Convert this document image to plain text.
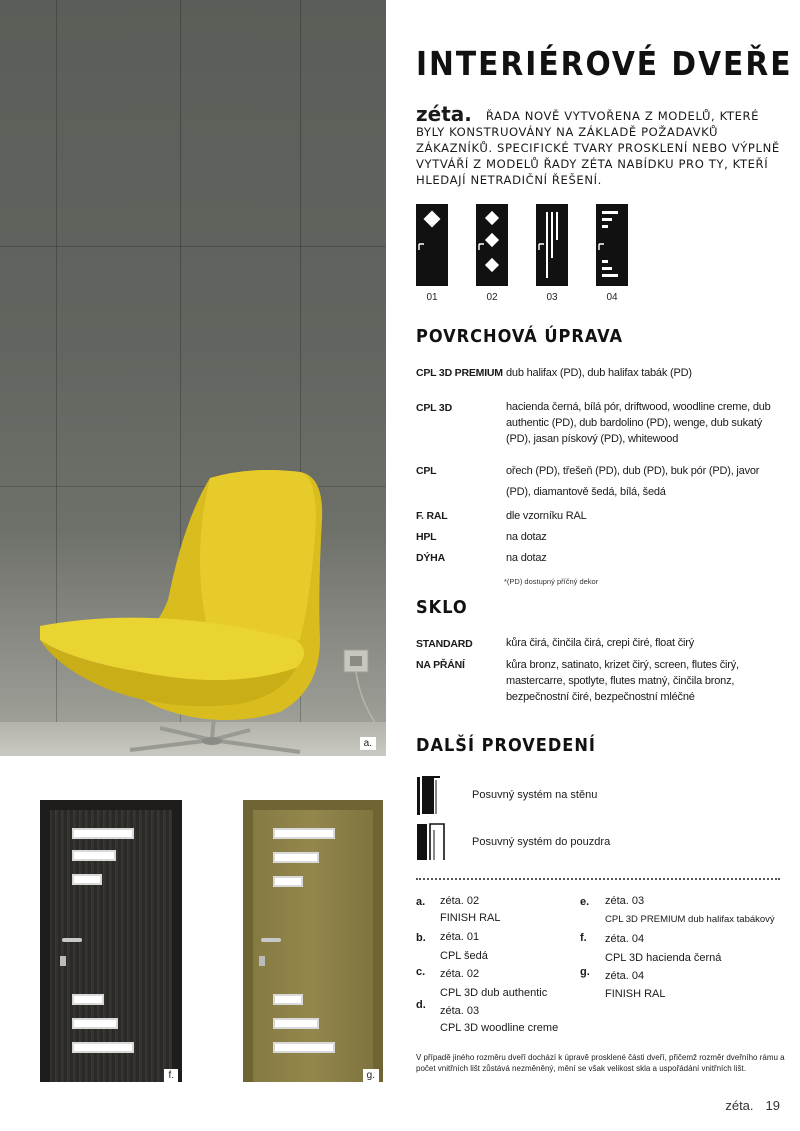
a.
INTERIÉROVÉ DVEŘE
zéta. ŘADA NOVĚ VYTVOŘENA Z MODELŮ, KTERÉ BYLY KONSTRUOVÁNY NA ZÁKLADĚ POŽADAVKŮ ZÁKAZNÍKŮ. SPECIFICKÉ TVARY PROSKLENÍ NEBO VÝPLNĚ VYTVÁŘÍ Z MODELŮ ŘADY ZÉTA NABÍDKU PRO TY, KTEŘÍ HLEDAJÍ NETRADIČNÍ ŘEŠENÍ.
01	02	03	04
POVRCHOVÁ ÚPRAVA
CPL 3D PREMIUM dub halifax (PD), dub halifax tabák (PD)
CPL 3D	hacienda černá, bílá pór, driftwood, woodline creme, dub authentic (PD), dub bardolino (PD), wenge, dub sukatý (PD), jasan pískový (PD), whitewood
CPL	ořech (PD), třešeň (PD), dub (PD), buk pór (PD), javor (PD), diamantově šedá, bílá, šedá
F. RAL	dle vzorníku RAL
HPL	na dotaz
DÝHA	na dotaz
*(PD) dostupný příčný dekor
SKLO
STANDARD	kůra čirá, činčila čirá, crepi čiré, float čirý
NA PŘÁNÍ	kůra bronz, satinato, krizet čirý, screen, flutes čirý, mastercarre, spotlyte, flutes matný, činčila bronz, bezpečnostní čiré, bezpečnostní mléčné
DALŠÍ PROVEDENÍ
Posuvný systém na stěnu
Posuvný systém do pouzdra
a. zéta. 02
FINISH RAL
b. zéta. 01
CPL šedá
c. zéta. 02
CPL 3D dub authentic
d. zéta. 03
CPL 3D woodline creme
e. zéta. 03
CPL 3D PREMIUM dub halifax tabákový
f. zéta. 04
CPL 3D hacienda černá
g. zéta. 04
FINISH RAL
V případě jiného rozměru dveří dochází k úpravě prosklené části dveří, přičemž rozměr dveřního rámu a počet vnitřních lišt zůstává nezměněný, mění se však velikost skla a uspořádání vnitřních lišt.
zéta. 19
f.	g.
